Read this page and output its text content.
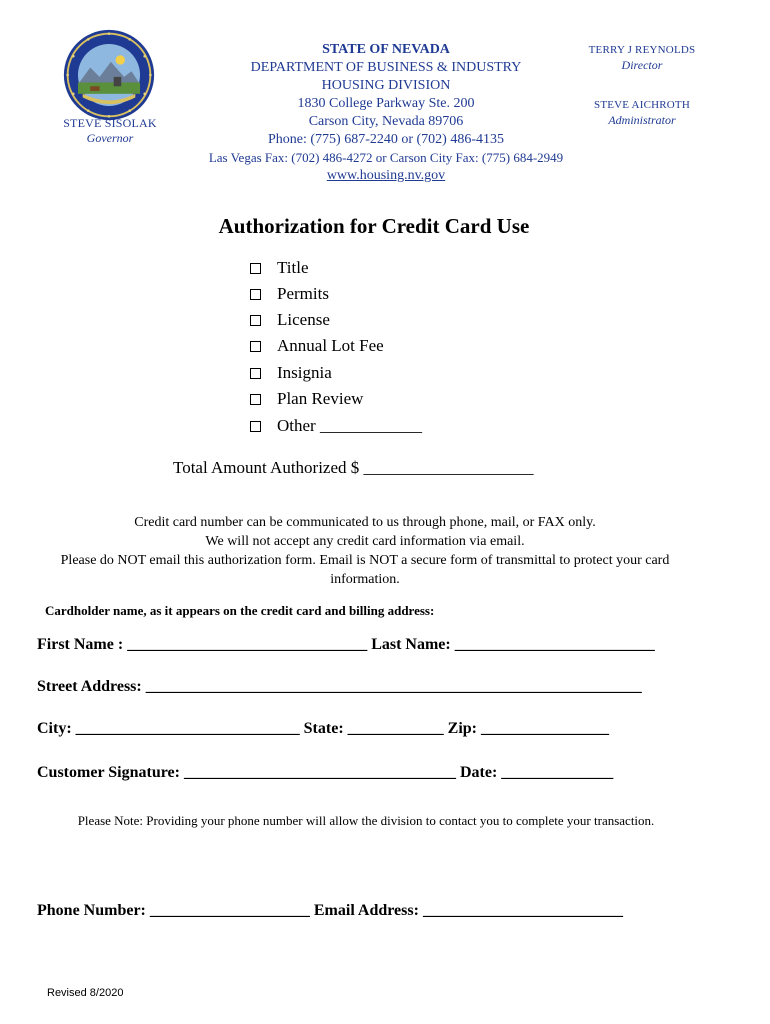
STEVE SISOLAK
Governor
STATE OF NEVADA
DEPARTMENT OF BUSINESS & INDUSTRY
HOUSING DIVISION
1830 College Parkway Ste. 200
Carson City, Nevada 89706
Phone: (775) 687-2240 or (702) 486-4135
Las Vegas Fax: (702) 486-4272 or Carson City Fax: (775) 684-2949
www.housing.nv.gov
TERRY J REYNOLDS
Director
STEVE AICHROTH
Administrator
Authorization for Credit Card Use
Title
Permits
License
Annual Lot Fee
Insignia
Plan Review
Other ____________
Total Amount Authorized $ ____________________
Credit card number can be communicated to us through phone, mail, or FAX only.
We will not accept any credit card information via email.
Please do NOT email this authorization form. Email is NOT a secure form of transmittal to protect your card
information.
Cardholder name, as it appears on the credit card and billing address:
First Name : ______________________________ Last Name: _________________________
Street Address: ______________________________________________________________
City: ____________________________ State: ____________ Zip: ________________
Customer Signature: __________________________________ Date: ______________
Please Note: Providing your phone number will allow the division to contact you to complete your transaction.
Phone Number: ____________________ Email Address: _________________________
Revised 8/2020
